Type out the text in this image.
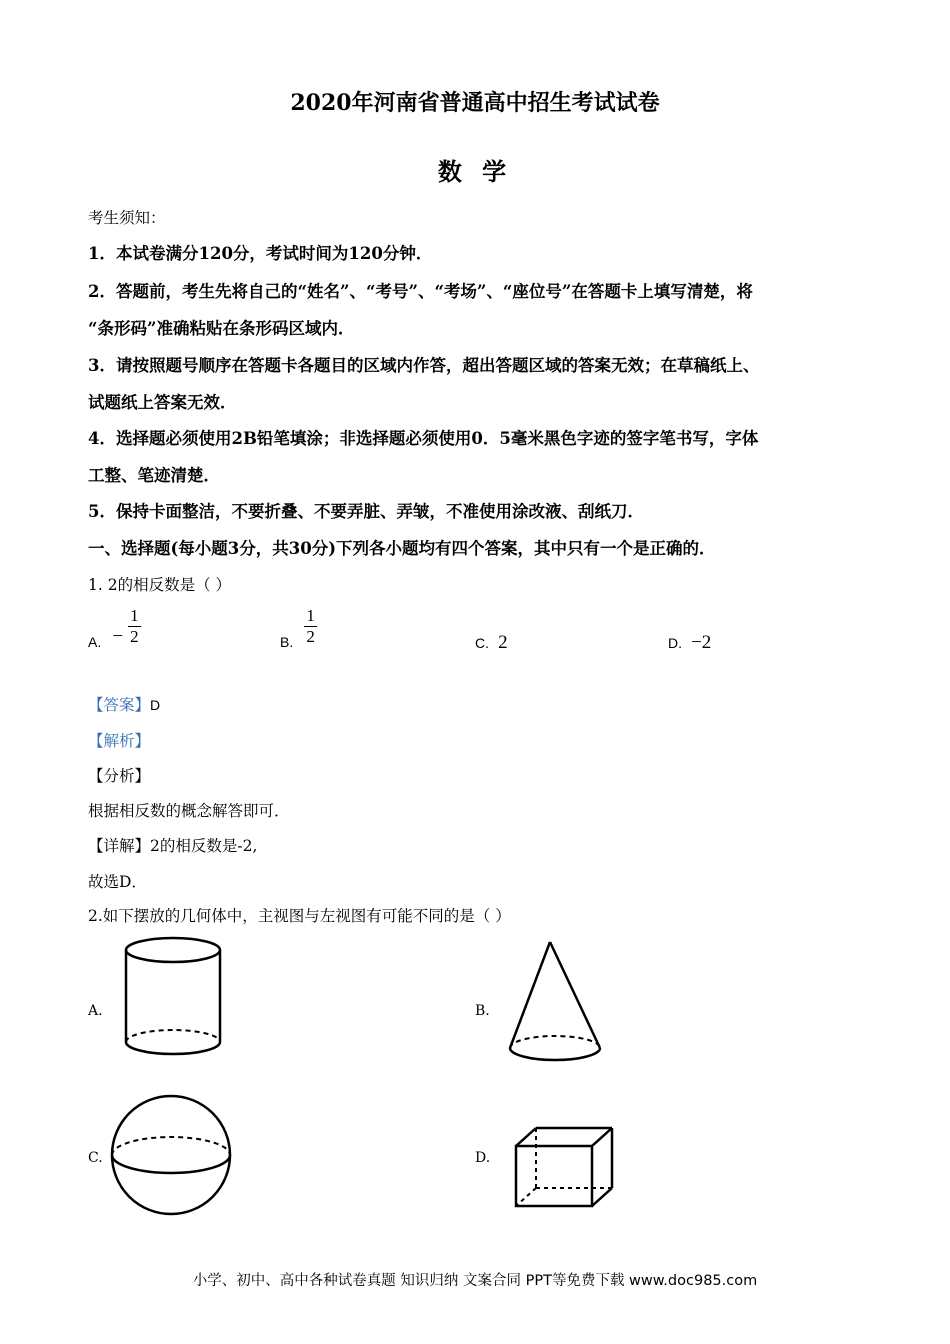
2020年河南省普通高中招生考试试卷
数 学
考生须知：
1．本试卷满分120分，考试时间为120分钟．
2．答题前，考生先将自己的“姓名”、“考号”、“考场”、“座位号”在答题卡上填写清楚，将
“条形码”准确粘贴在条形码区域内．
3．请按照题号顺序在答题卡各题目的区域内作答，超出答题区域的答案无效；在草稿纸上、
试题纸上答案无效．
4．选择题必须使用2B铅笔填涂；非选择题必须使用0．5毫米黑色字迹的签字笔书写，字体
工整、笔迹清楚．
5．保持卡面整洁，不要折叠、不要弄脏、弄皱，不准使用涂改液、刮纸刀．
一、选择题(每小题3分，共30分)下列各小题均有四个答案，其中只有一个是正确的．
1. 2的相反数是（ ）
A. − $\frac{1}{2}$	B. $\frac{1}{2}$	C. 2	D. −2
【答案】D
【解析】
【分析】
根据相反数的概念解答即可．
【详解】2的相反数是-2,
故选D．
2.如下摆放的几何体中，主视图与左视图有可能不同的是（ ）
A.	B.
C.	D.
小学、初中、高中各种试卷真题 知识归纳 文案合同 PPT等免费下载 www.doc985.com
